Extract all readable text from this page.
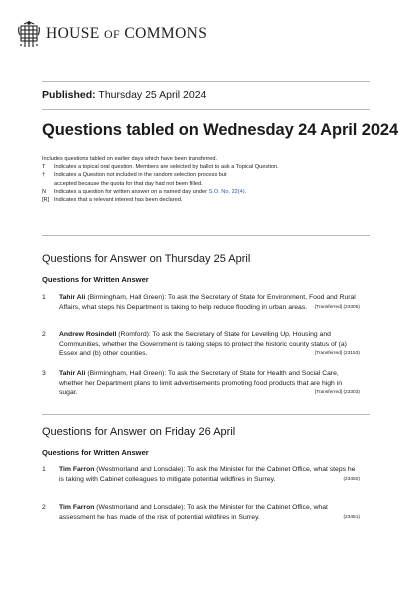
HOUSE OF COMMONS
Published: Thursday 25 April 2024
Questions tabled on Wednesday 24 April 2024
Includes questions tabled on earlier days which have been transferred.
T	Indicates a topical oral question. Members are selected by ballot to ask a Topical Question.
†	Indicates a Question not included in the random selection process but accepted because the quota for that day had not been filled.
N	Indicates a question for written answer on a named day under S.O. No. 22(4).
[R] Indicates that a relevant interest has been declared.
Questions for Answer on Thursday 25 April
Questions for Written Answer
1 Tahir Ali (Birmingham, Hall Green): To ask the Secretary of State for Environment, Food and Rural Affairs, what steps his Department is taking to help reduce flooding in urban areas.	[Transferred] (23305)
2 Andrew Rosindell (Romford): To ask the Secretary of State for Levelling Up, Housing and Communities, whether the Government is taking steps to protect the historic county status of (a) Essex and (b) other counties.	[Transferred] (23153)
3 Tahir Ali (Birmingham, Hall Green): To ask the Secretary of State for Health and Social Care, whether her Department plans to limit advertisements promoting food products that are high in sugar.	[Transferred] (23303)
Questions for Answer on Friday 26 April
Questions for Written Answer
1 Tim Farron (Westmorland and Lonsdale): To ask the Minister for the Cabinet Office, what steps he is taking with Cabinet colleagues to mitigate potential wildfires in Surrey.	(23450)
2 Tim Farron (Westmorland and Lonsdale): To ask the Minister for the Cabinet Office, what assessment he has made of the risk of potential wildfires in Surrey.	(23451)
